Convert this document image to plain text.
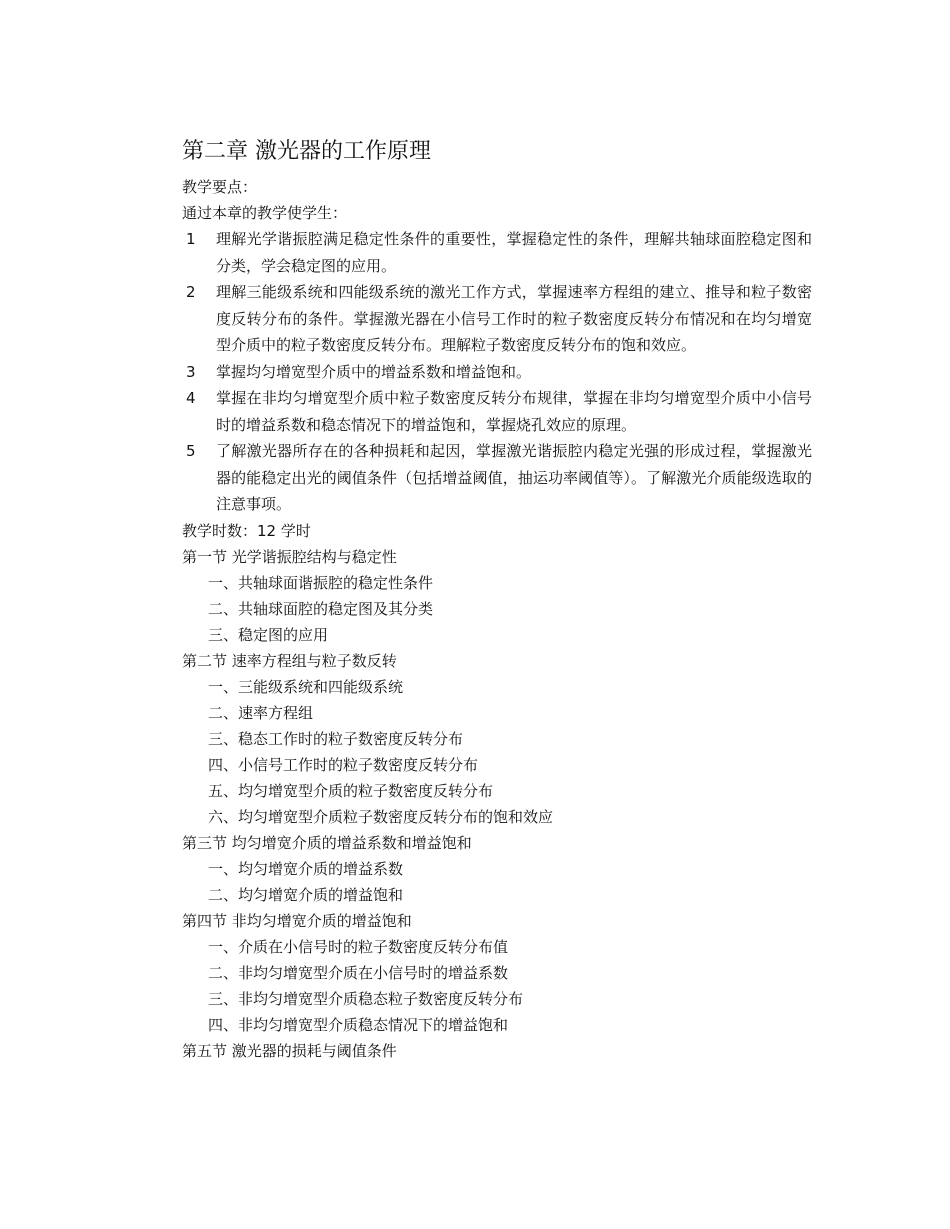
第二章 激光器的工作原理
教学要点：
通过本章的教学使学生：
1 理解光学谐振腔满足稳定性条件的重要性，掌握稳定性的条件，理解共轴球面腔稳定图和分类，学会稳定图的应用。
2 理解三能级系统和四能级系统的激光工作方式，掌握速率方程组的建立、推导和粒子数密度反转分布的条件。掌握激光器在小信号工作时的粒子数密度反转分布情况和在均匀增宽型介质中的粒子数密度反转分布。理解粒子数密度反转分布的饱和效应。
3 掌握均匀增宽型介质中的增益系数和增益饱和。
4 掌握在非均匀增宽型介质中粒子数密度反转分布规律，掌握在非均匀增宽型介质中小信号时的增益系数和稳态情况下的增益饱和，掌握烧孔效应的原理。
5 了解激光器所存在的各种损耗和起因，掌握激光谐振腔内稳定光强的形成过程，掌握激光器的能稳定出光的阈值条件（包括增益阈值，抽运功率阈值等）。了解激光介质能级选取的注意事项。
教学时数：12 学时
第一节 光学谐振腔结构与稳定性
一、共轴球面谐振腔的稳定性条件
二、共轴球面腔的稳定图及其分类
三、稳定图的应用
第二节 速率方程组与粒子数反转
一、三能级系统和四能级系统
二、速率方程组
三、稳态工作时的粒子数密度反转分布
四、小信号工作时的粒子数密度反转分布
五、均匀增宽型介质的粒子数密度反转分布
六、均匀增宽型介质粒子数密度反转分布的饱和效应
第三节 均匀增宽介质的增益系数和增益饱和
一、均匀增宽介质的增益系数
二、均匀增宽介质的增益饱和
第四节 非均匀增宽介质的增益饱和
一、介质在小信号时的粒子数密度反转分布值
二、非均匀增宽型介质在小信号时的增益系数
三、非均匀增宽型介质稳态粒子数密度反转分布
四、非均匀增宽型介质稳态情况下的增益饱和
第五节 激光器的损耗与阈值条件
